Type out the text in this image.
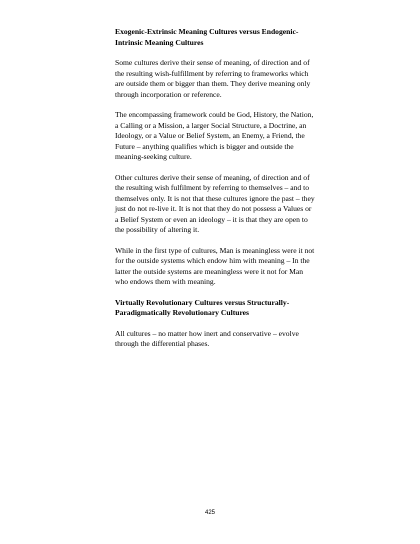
Exogenic-Extrinsic Meaning Cultures versus Endogenic-Intrinsic Meaning Cultures

Some cultures derive their sense of meaning, of direction and of the resulting wish-fulfillment by referring to frameworks which are outside them or bigger than them. They derive meaning only through incorporation or reference.

The encompassing framework could be God, History, the Nation, a Calling or a Mission, a larger Social Structure, a Doctrine, an Ideology, or a Value or Belief System, an Enemy, a Friend, the Future – anything qualifies which is bigger and outside the meaning-seeking culture.

Other cultures derive their sense of meaning, of direction and of the resulting wish fulfilment by referring to themselves – and to themselves only. It is not that these cultures ignore the past – they just do not re-live it. It is not that they do not possess a Values or a Belief System or even an ideology – it is that they are open to the possibility of altering it.

While in the first type of cultures, Man is meaningless were it not for the outside systems which endow him with meaning – In the latter the outside systems are meaningless were it not for Man who endows them with meaning.

Virtually Revolutionary Cultures versus Structurally-Paradigmatically Revolutionary Cultures

All cultures – no matter how inert and conservative – evolve through the differential phases.

425
